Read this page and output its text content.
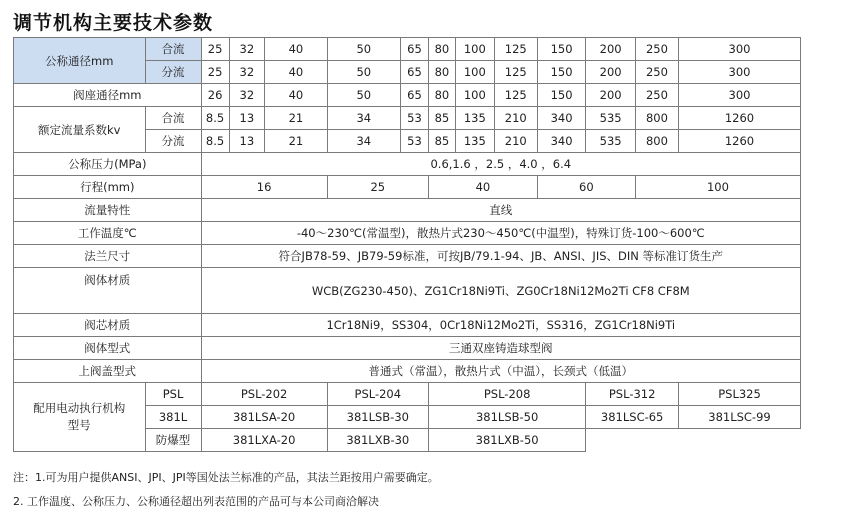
调节机构主要技术参数
公称通径mm	合流	25	32	40	50	65	80	100	125	150	200	250	300
	分流	25	32	40	50	65	80	100	125	150	200	250	300
阀座通径mm		26	32	40	50	65	80	100	125	150	200	250	300
额定流量系数kv	合流	8.5	13	21	34	53	85	135	210	340	535	800	1260
	分流	8.5	13	21	34	53	85	135	210	340	535	800	1260
公称压力(MPa)		0.6,1.6 ，2.5 ，4.0 ，6.4											
行程(mm)		16			25		40			60		100	
流量特性		直线											
工作温度℃		-40～230℃(常温型)，散热片式230～450℃(中温型)，特殊订货-100～600℃											
法兰尺寸		符合JB78-59、JB79-59标准，可按JB/79.1-94、JB、ANSI、JIS、DIN 等标准订货生产											
阀体材质		WCB(ZG230-450)、ZG1Cr18Ni9Ti、ZG0Cr18Ni12Mo2Ti CF8 CF8M											
阀芯材质		1Cr18Ni9，SS304，0Cr18Ni12Mo2Ti，SS316，ZG1Cr18Ni9Ti											
阀体型式		三通双座铸造球型阀											
上阀盖型式		普通式（常温），散热片式（中温），长颈式（低温）											
配用电动执行机构型号	PSL	PSL-202			PSL-204		PSL-208				PSL-312		PSL325
	381L	381LSA-20			381LSB-30		381LSB-50				381LSC-65		381LSC-99
	防爆型	381LXA-20			381LXB-30		381LXB-50						
注：1.可为用户提供ANSI、JPI、JPI等国处法兰标准的产品，其法兰距按用户需要确定。
2. 工作温度、公称压力、公称通径超出列表范围的产品可与本公司商洽解决
